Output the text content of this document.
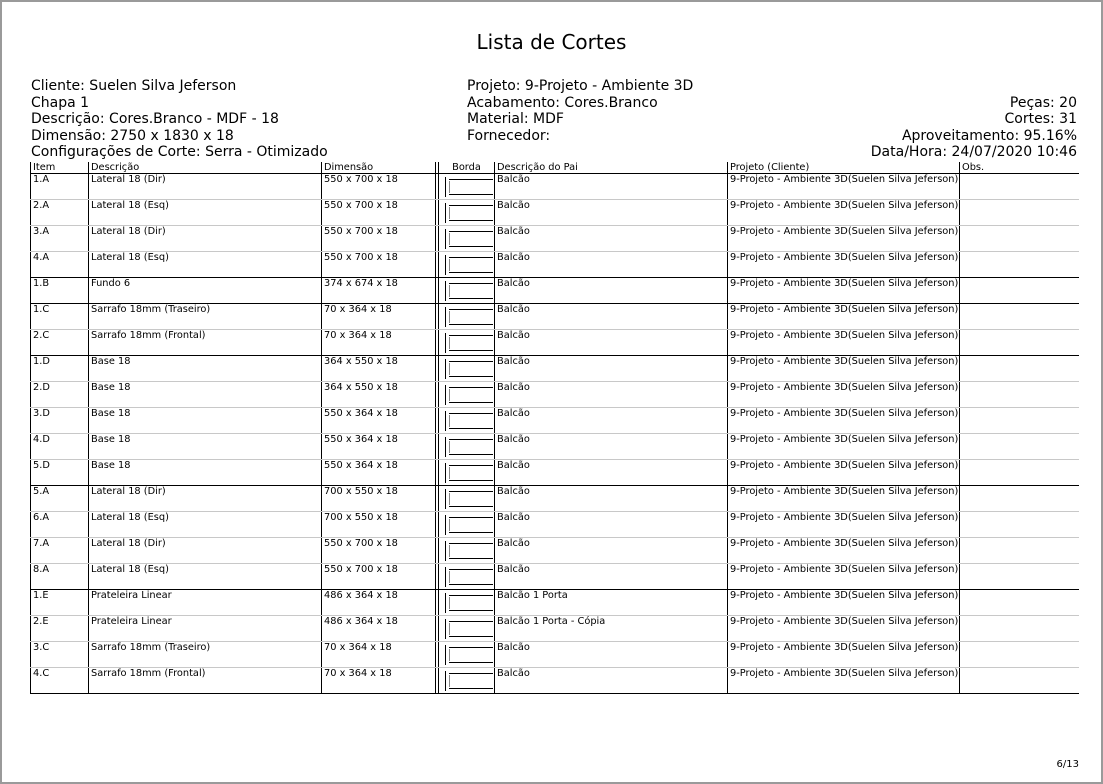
Lista de Cortes
Cliente: Suelen Silva Jeferson
Chapa 1
Descrição: Cores.Branco - MDF - 18
Dimensão: 2750 x 1830 x 18
Configurações de Corte: Serra - Otimizado
Projeto: 9-Projeto - Ambiente 3D
Acabamento: Cores.Branco
Material: MDF
Fornecedor:
Peças: 20
Cortes: 31
Aproveitamento: 95.16%
Data/Hora: 24/07/2020 10:46
Item	Descrição	Dimensão		Borda	Descrição do Pai	Projeto (Cliente)	Obs.
1.A	Lateral 18 (Dir)	550 x 700 x 18			Balcão	9-Projeto - Ambiente 3D(Suelen Silva Jeferson)	
2.A	Lateral 18 (Esq)	550 x 700 x 18			Balcão	9-Projeto - Ambiente 3D(Suelen Silva Jeferson)	
3.A	Lateral 18 (Dir)	550 x 700 x 18			Balcão	9-Projeto - Ambiente 3D(Suelen Silva Jeferson)	
4.A	Lateral 18 (Esq)	550 x 700 x 18			Balcão	9-Projeto - Ambiente 3D(Suelen Silva Jeferson)	
1.B	Fundo 6	374 x 674 x 18			Balcão	9-Projeto - Ambiente 3D(Suelen Silva Jeferson)	
1.C	Sarrafo 18mm (Traseiro)	70 x 364 x 18			Balcão	9-Projeto - Ambiente 3D(Suelen Silva Jeferson)	
2.C	Sarrafo 18mm (Frontal)	70 x 364 x 18			Balcão	9-Projeto - Ambiente 3D(Suelen Silva Jeferson)	
1.D	Base 18	364 x 550 x 18			Balcão	9-Projeto - Ambiente 3D(Suelen Silva Jeferson)	
2.D	Base 18	364 x 550 x 18			Balcão	9-Projeto - Ambiente 3D(Suelen Silva Jeferson)	
3.D	Base 18	550 x 364 x 18			Balcão	9-Projeto - Ambiente 3D(Suelen Silva Jeferson)	
4.D	Base 18	550 x 364 x 18			Balcão	9-Projeto - Ambiente 3D(Suelen Silva Jeferson)	
5.D	Base 18	550 x 364 x 18			Balcão	9-Projeto - Ambiente 3D(Suelen Silva Jeferson)	
5.A	Lateral 18 (Dir)	700 x 550 x 18			Balcão	9-Projeto - Ambiente 3D(Suelen Silva Jeferson)	
6.A	Lateral 18 (Esq)	700 x 550 x 18			Balcão	9-Projeto - Ambiente 3D(Suelen Silva Jeferson)	
7.A	Lateral 18 (Dir)	550 x 700 x 18			Balcão	9-Projeto - Ambiente 3D(Suelen Silva Jeferson)	
8.A	Lateral 18 (Esq)	550 x 700 x 18			Balcão	9-Projeto - Ambiente 3D(Suelen Silva Jeferson)	
1.E	Prateleira Linear	486 x 364 x 18			Balcão 1 Porta	9-Projeto - Ambiente 3D(Suelen Silva Jeferson)	
2.E	Prateleira Linear	486 x 364 x 18			Balcão 1 Porta - Cópia	9-Projeto - Ambiente 3D(Suelen Silva Jeferson)	
3.C	Sarrafo 18mm (Traseiro)	70 x 364 x 18			Balcão	9-Projeto - Ambiente 3D(Suelen Silva Jeferson)	
4.C	Sarrafo 18mm (Frontal)	70 x 364 x 18			Balcão	9-Projeto - Ambiente 3D(Suelen Silva Jeferson)	
6/13
